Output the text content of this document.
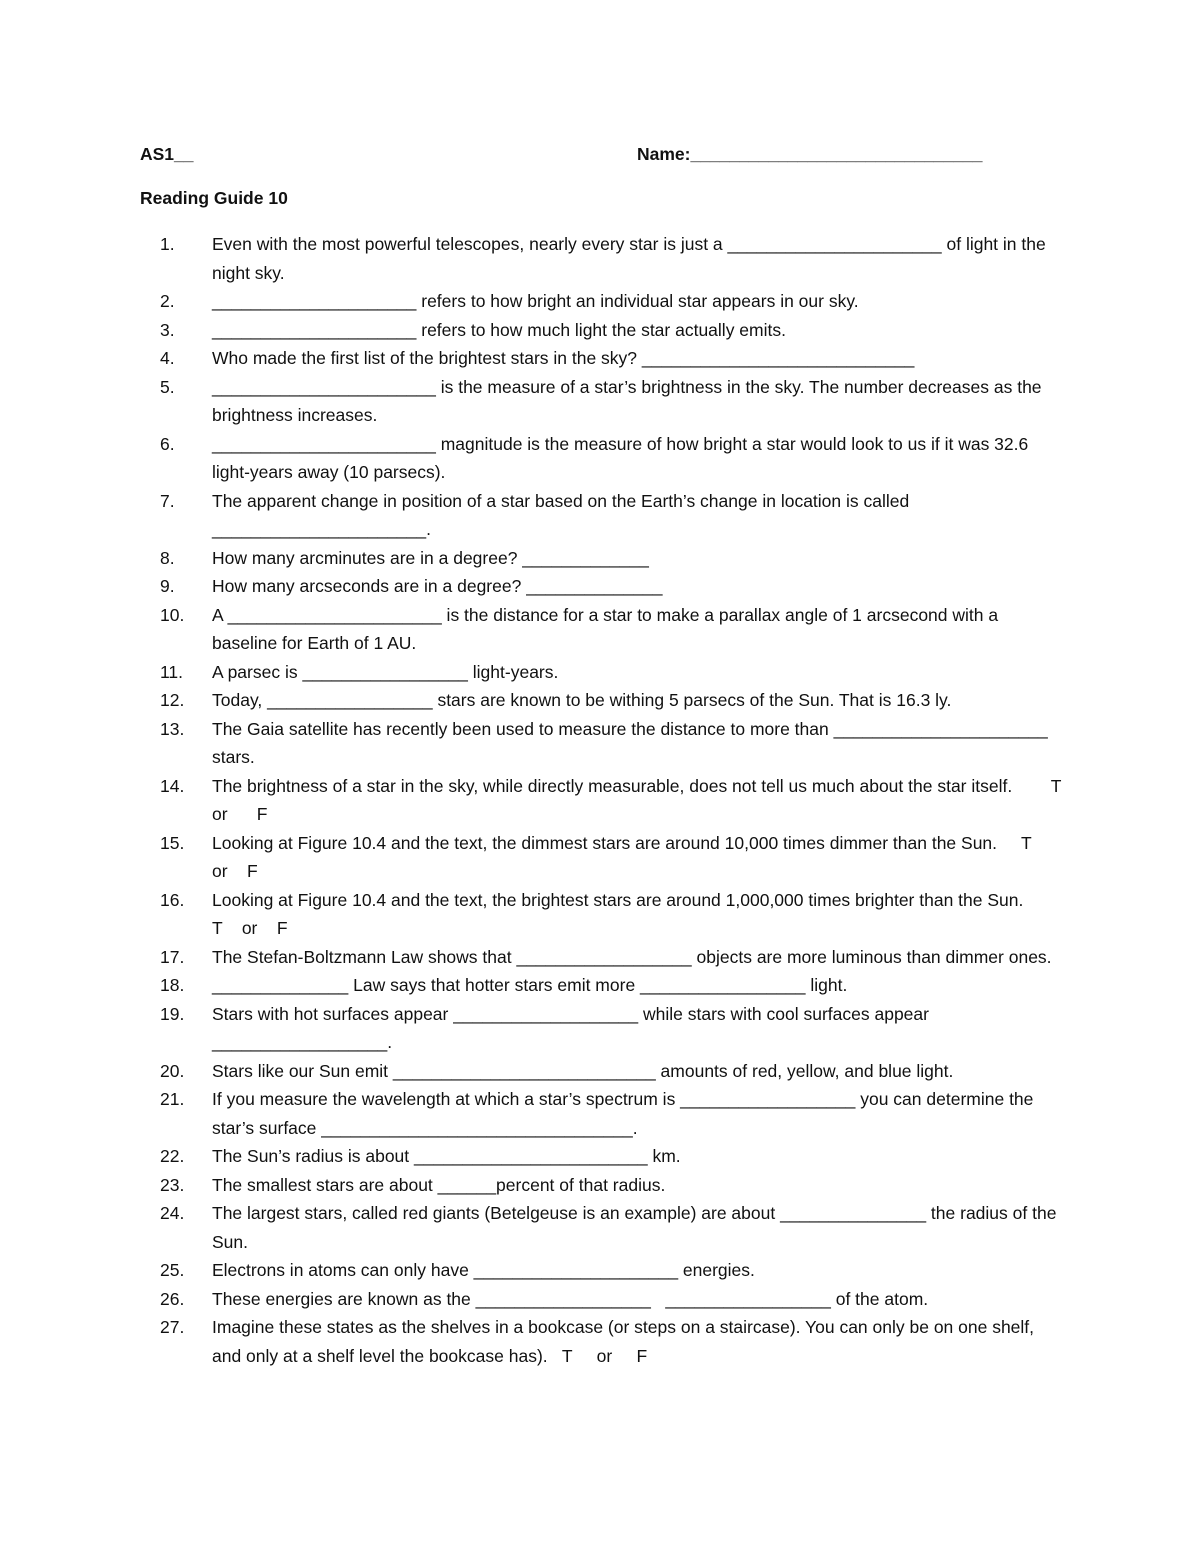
AS1__	Name:______________________________
Reading Guide 10
1.	Even with the most powerful telescopes, nearly every star is just a ______________________ of light in the night sky.
2.	_____________________ refers to how bright an individual star appears in our sky.
3.	_____________________ refers to how much light the star actually emits.
4.	Who made the first list of the brightest stars in the sky? ____________________________
5.	_______________________ is the measure of a star’s brightness in the sky. The number decreases as the brightness increases.
6.	_______________________ magnitude is the measure of how bright a star would look to us if it was 32.6 light-years away (10 parsecs).
7.	The apparent change in position of a star based on the Earth’s change in location is called ______________________.
8.	How many arcminutes are in a degree? _____________
9.	How many arcseconds are in a degree? ______________
10.	A ______________________ is the distance for a star to make a parallax angle of 1 arcsecond with a baseline for Earth of 1 AU.
11.	A parsec is _________________ light-years.
12.	Today, _________________ stars are known to be withing 5 parsecs of the Sun. That is 16.3 ly.
13.	The Gaia satellite has recently been used to measure the distance to more than ______________________ stars.
14.	The brightness of a star in the sky, while directly measurable, does not tell us much about the star itself.        T      or      F
15.	Looking at Figure 10.4 and the text, the dimmest stars are around 10,000 times dimmer than the Sun.     T    or    F
16.	Looking at Figure 10.4 and the text, the brightest stars are around 1,000,000 times brighter than the Sun.           T    or    F
17.	The Stefan-Boltzmann Law shows that __________________ objects are more luminous than dimmer ones.
18.	______________ Law says that hotter stars emit more _________________ light.
19.	Stars with hot surfaces appear ___________________ while stars with cool surfaces appear __________________.
20.	Stars like our Sun emit ___________________________ amounts of red, yellow, and blue light.
21.	If you measure the wavelength at which a star’s spectrum is __________________ you can determine the star’s surface ________________________________.
22.	The Sun’s radius is about ________________________ km.
23.	The smallest stars are about ______percent of that radius.
24.	The largest stars, called red giants (Betelgeuse is an example) are about _______________ the radius of the Sun.
25.	Electrons in atoms can only have _____________________ energies.
26.	These energies are known as the __________________   _________________ of the atom.
27.	Imagine these states as the shelves in a bookcase (or steps on a staircase). You can only be on one shelf, and only at a shelf level the bookcase has).   T     or     F
